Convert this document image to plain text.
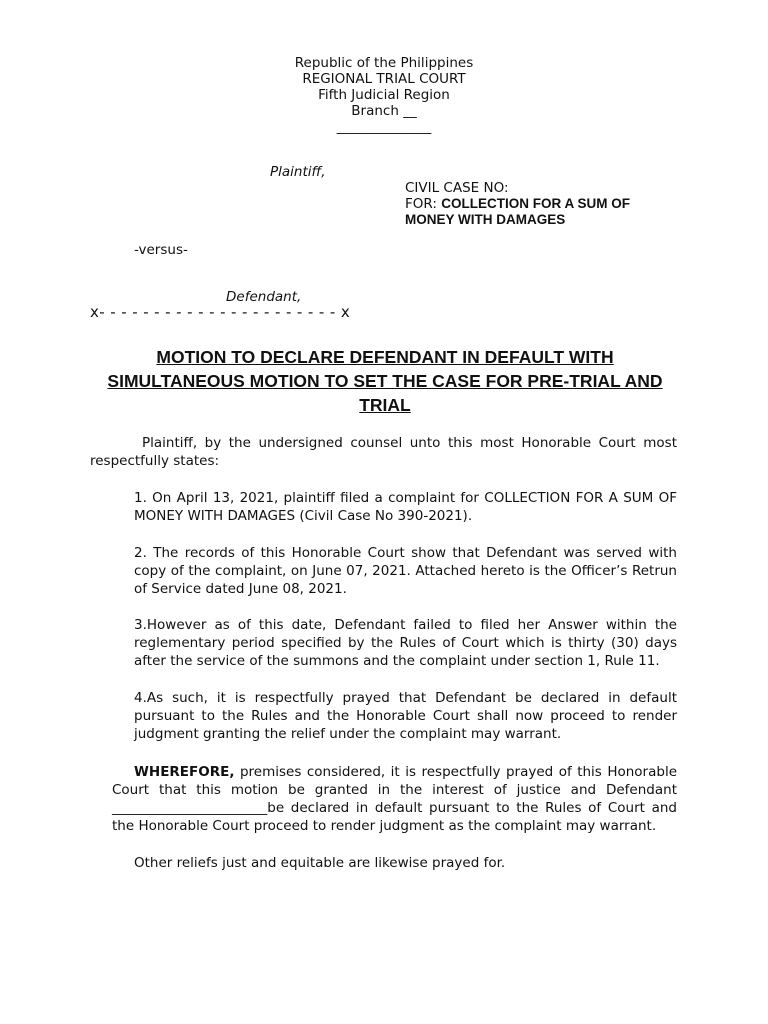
Republic of the Philippines
REGIONAL TRIAL COURT
Fifth Judicial Region
Branch __
______________
Plaintiff,
CIVIL CASE NO:
FOR: COLLECTION FOR A SUM OF
MONEY WITH DAMAGES
-versus-
Defendant,
x- - - - - - - - - - - - - - - - - - - - - - x
MOTION TO DECLARE DEFENDANT IN DEFAULT WITH SIMULTANEOUS MOTION TO SET THE CASE FOR PRE-TRIAL AND TRIAL
Plaintiff, by the undersigned counsel unto this most Honorable Court most respectfully states:
1. On April 13, 2021, plaintiff filed a complaint for COLLECTION FOR A SUM OF MONEY WITH DAMAGES (Civil Case No 390-2021).
2. The records of this Honorable Court show that Defendant was served with copy of the complaint, on June 07, 2021. Attached hereto is the Officer’s Retrun of Service dated June 08, 2021.
3.However as of this date, Defendant failed to filed her Answer within the reglementary period specified by the Rules of Court which is thirty (30) days after the service of the summons and the complaint under section 1, Rule 11.
4.As such, it is respectfully prayed that Defendant be declared in default pursuant to the Rules and the Honorable Court shall now proceed to render judgment granting the relief under the complaint may warrant.
WHEREFORE, premises considered, it is respectfully prayed of this Honorable Court that this motion be granted in the interest of justice and Defendant _______________________be declared in default pursuant to the Rules of Court and the Honorable Court proceed to render judgment as the complaint may warrant.
Other reliefs just and equitable are likewise prayed for.
